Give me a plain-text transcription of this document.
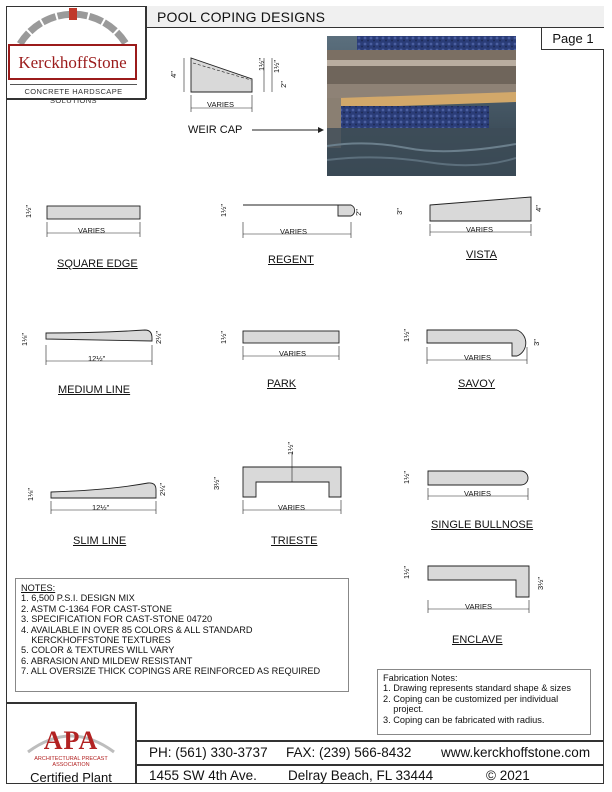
POOL COPING DESIGNS
Page 1
KerckhoffStone
CONCRETE HARDSCAPE SOLUTIONS
4"
1½" 1½"
2"
VARIES
WEIR CAP
1½"
VARIES
SQUARE EDGE
1½"	2"
VARIES
REGENT
3"	4"
VARIES
VISTA
1⅛"	2¼"
12½"
MEDIUM LINE
1½"
VARIES
PARK
1½"
3"
VARIES
SAVOY
1⅛"	2¼"
12½"
SLIM LINE
1½"
3½"
VARIES
TRIESTE
1½"
VARIES
SINGLE BULLNOSE
1½"
3½"
VARIES
ENCLAVE
NOTES:
1. 6,500 P.S.I. DESIGN MIX
2. ASTM C-1364 FOR CAST-STONE
3. SPECIFICATION FOR CAST-STONE 04720
4. AVAILABLE IN OVER 85 COLORS & ALL STANDARD
KERCKHOFFSTONE TEXTURES
5. COLOR & TEXTURES WILL VARY
6. ABRASION AND MILDEW RESISTANT
7. ALL OVERSIZE THICK COPINGS ARE REINFORCED AS REQUIRED
Fabrication Notes:
1. Drawing represents standard shape & sizes
2. Coping can be customized per individual
project.
3. Coping can be fabricated with radius.
APA
ARCHITECTURAL PRECAST
ASSOCIATION
Certified Plant
PH: (561) 330-3737 FAX: (239) 566-8432 www.kerckhoffstone.com
1455 SW 4th Ave. Delray Beach, FL 33444	© 2021
